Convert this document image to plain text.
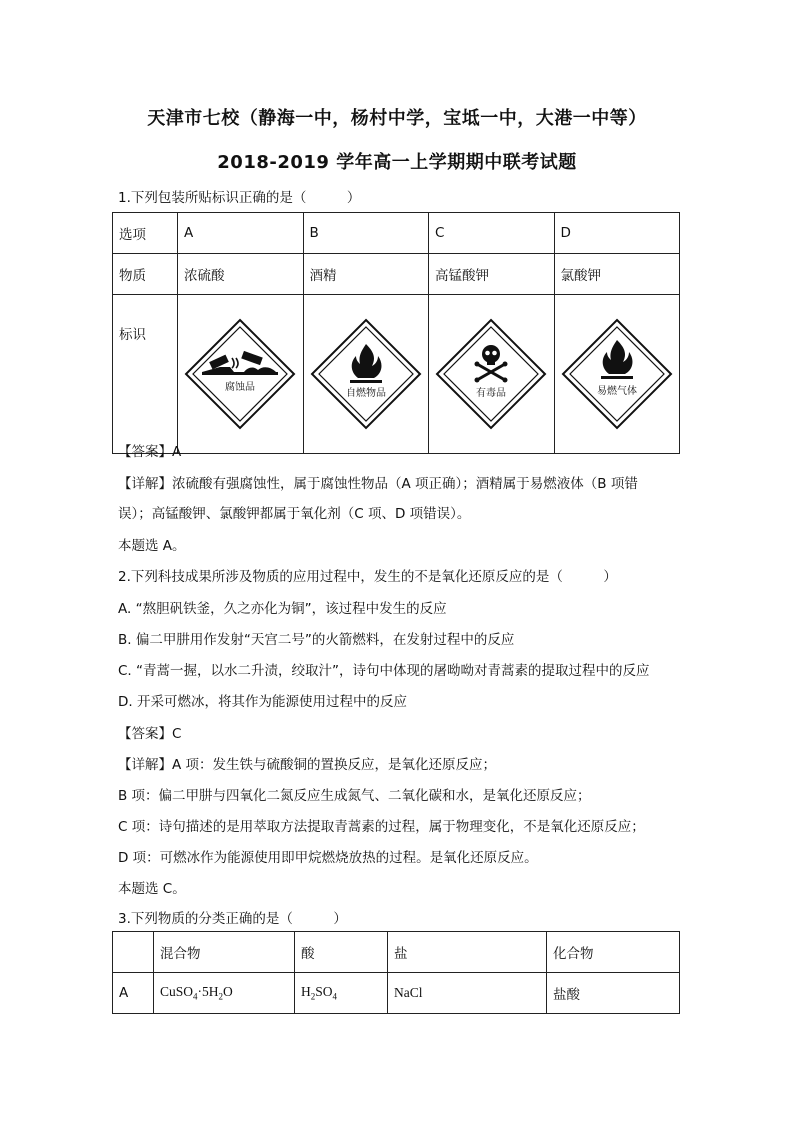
天津市七校（静海一中，杨村中学，宝坻一中，大港一中等）
2018-2019 学年高一上学期期中联考试题
1.下列包装所贴标识正确的是（　　　）
选项	A	B	C	D
物质	浓硫酸	酒精	高锰酸钾	氯酸钾
标识	腐蚀品	自燃物品	有毒品	易燃气体
【答案】A
【详解】浓硫酸有强腐蚀性，属于腐蚀性物品（A 项正确）；酒精属于易燃液体（B 项错
误）；高锰酸钾、氯酸钾都属于氧化剂（C 项、D 项错误）。
本题选 A。
2.下列科技成果所涉及物质的应用过程中，发生的不是氧化还原反应的是（　　　）
A. “熬胆矾铁釜，久之亦化为铜”，该过程中发生的反应
B. 偏二甲肼用作发射“天宫二号”的火箭燃料，在发射过程中的反应
C. “青蒿一握，以水二升渍，绞取汁”，诗句中体现的屠呦呦对青蒿素的提取过程中的反应
D. 开采可燃冰，将其作为能源使用过程中的反应
【答案】C
【详解】A 项：发生铁与硫酸铜的置换反应，是氧化还原反应；
B 项：偏二甲肼与四氧化二氮反应生成氮气、二氧化碳和水，是氧化还原反应；
C 项：诗句描述的是用萃取方法提取青蒿素的过程，属于物理变化，不是氧化还原反应；
D 项：可燃冰作为能源使用即甲烷燃烧放热的过程。是氧化还原反应。
本题选 C。
3.下列物质的分类正确的是（　　　）
	混合物	酸	盐	化合物
A	$CuSO_4\cdot 5H_2O$	$H_2SO_4$	NaCl	盐酸
